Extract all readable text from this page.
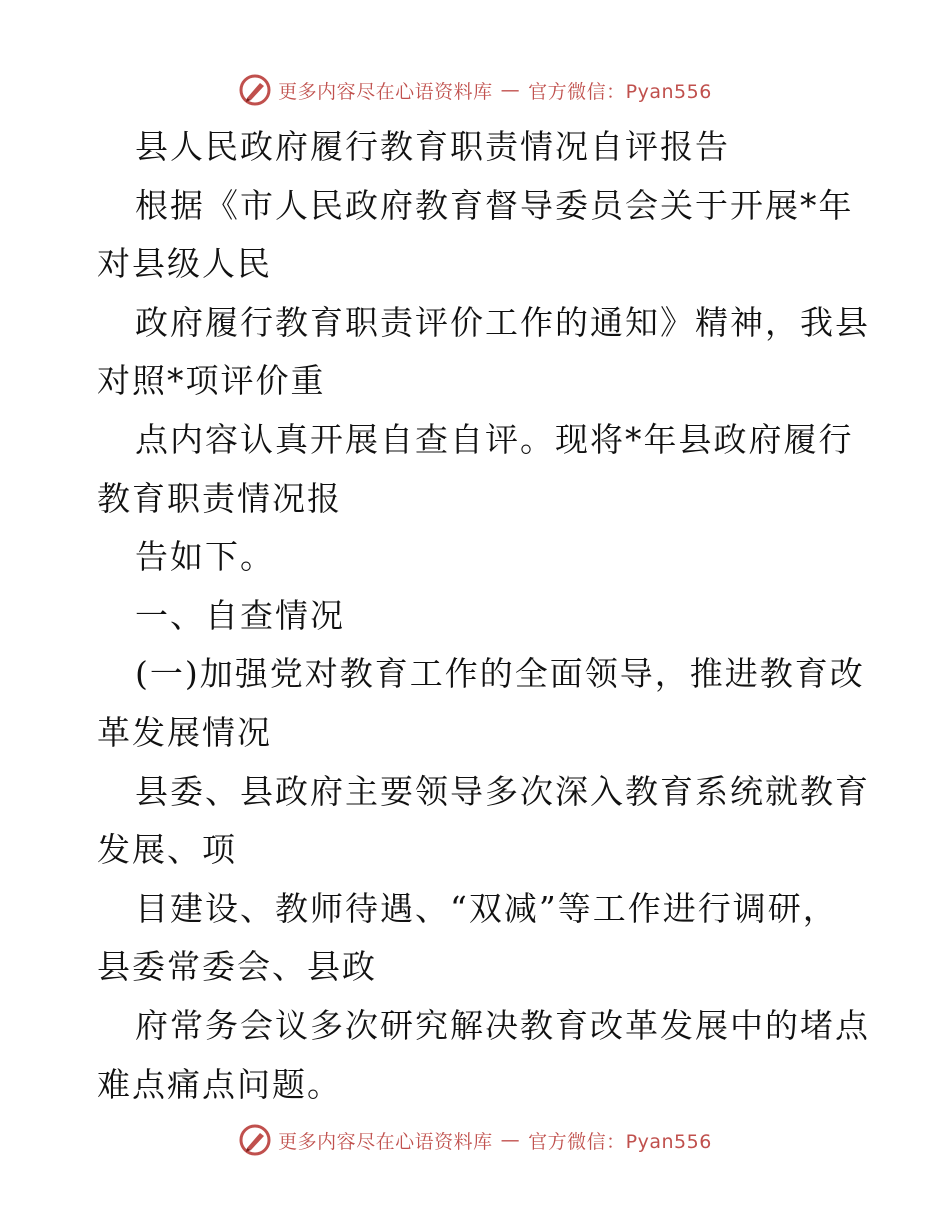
更多内容尽在心语资料库 — 官方微信：Pyan556
县人民政府履行教育职责情况自评报告
根据《市人民政府教育督导委员会关于开展*年
对县级人民
政府履行教育职责评价工作的通知》精神，我县
对照*项评价重
点内容认真开展自查自评。现将*年县政府履行
教育职责情况报
告如下。
一、自查情况
(一)加强党对教育工作的全面领导，推进教育改
革发展情况
县委、县政府主要领导多次深入教育系统就教育
发展、项
目建设、教师待遇、“双减”等工作进行调研，
县委常委会、县政
府常务会议多次研究解决教育改革发展中的堵点
难点痛点问题。
更多内容尽在心语资料库 — 官方微信：Pyan556
